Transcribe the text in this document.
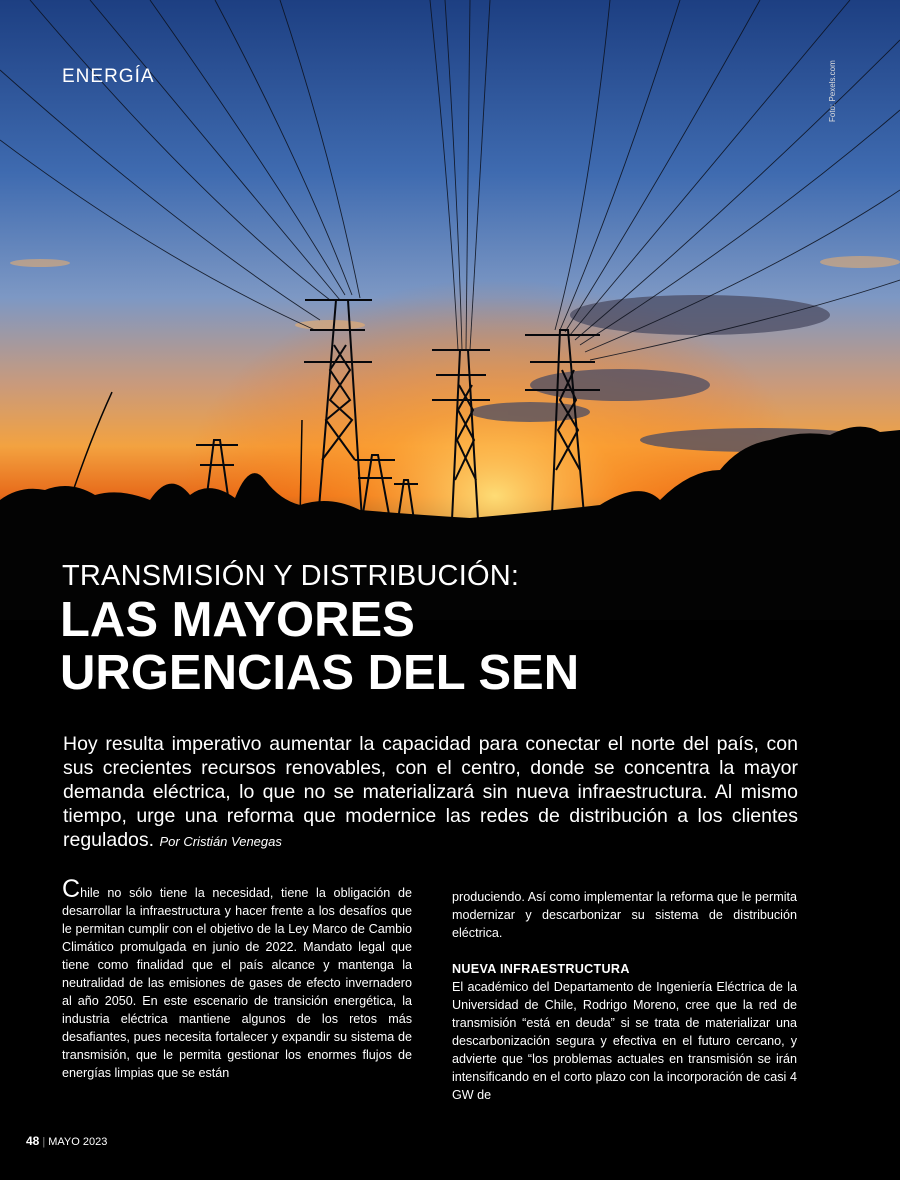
ENERGÍA	Foto: Pexels.com
TRANSMISIÓN Y DISTRIBUCIÓN:
LAS MAYORES
URGENCIAS DEL SEN

Hoy resulta imperativo aumentar la capacidad para conectar el norte del país, con sus crecientes recursos renovables, con el centro, donde se concentra la mayor demanda eléctrica, lo que no se materializará sin nueva infraestructura. Al mismo tiempo, urge una reforma que modernice las redes de distribución a los clientes regulados. Por Cristián Venegas

Chile no sólo tiene la necesidad, tiene la obligación de desarrollar la infraestructura y hacer frente a los desafíos que le permitan cumplir con el objetivo de la Ley Marco de Cambio Climático promulgada en junio de 2022. Mandato legal que tiene como finalidad que el país alcance y mantenga la neutralidad de las emisiones de gases de efecto invernadero al año 2050. En este escenario de transición energética, la industria eléctrica mantiene algunos de los retos más desafiantes, pues necesita fortalecer y expandir su sistema de transmisión, que le permita gestionar los enormes flujos de energías limpias que se están

produciendo. Así como implementar la reforma que le permita modernizar y descarbonizar su sistema de distribución eléctrica.

NUEVA INFRAESTRUCTURA

El académico del Departamento de Ingeniería Eléctrica de la Universidad de Chile, Rodrigo Moreno, cree que la red de transmisión “está en deuda” si se trata de materializar una descarbonización segura y efectiva en el futuro cercano, y advierte que “los problemas actuales en transmisión se irán intensificando en el corto plazo con la incorporación de casi 4 GW de

48 | MAYO 2023
